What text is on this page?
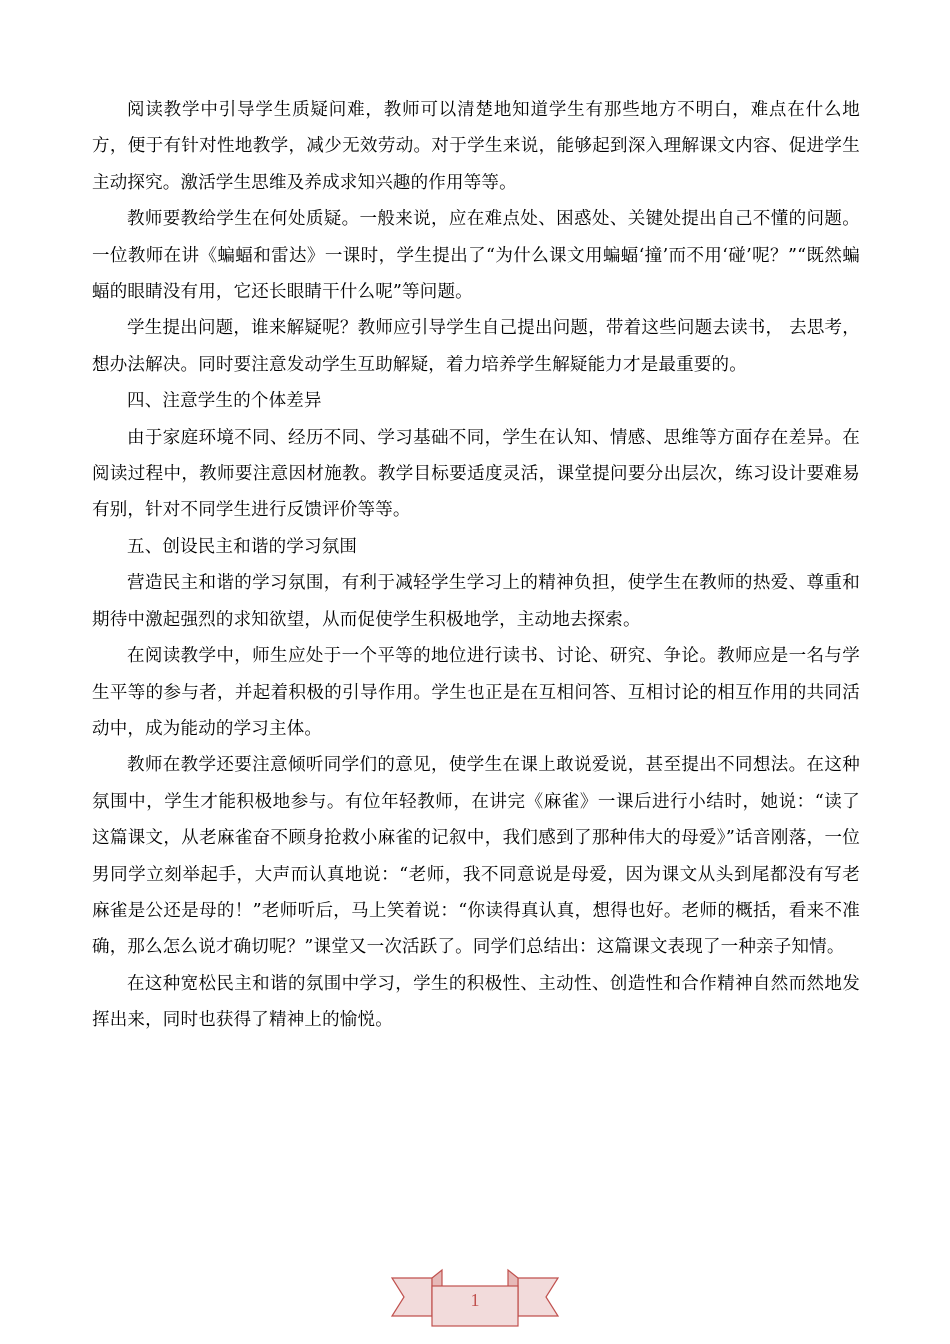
阅读教学中引导学生质疑问难，教师可以清楚地知道学生有那些地方不明白，难点在什么地方，便于有针对性地教学，减少无效劳动。对于学生来说，能够起到深入理解课文内容、促进学生主动探究。激活学生思维及养成求知兴趣的作用等等。

教师要教给学生在何处质疑。一般来说，应在难点处、困惑处、关键处提出自己不懂的问题。一位教师在讲《蝙蝠和雷达》一课时，学生提出了“为什么课文用蝙蝠‘撞’而不用‘碰’呢？”“既然蝙蝠的眼睛没有用，它还长眼睛干什么呢”等问题。

学生提出问题，谁来解疑呢？教师应引导学生自己提出问题，带着这些问题去读书， 去思考，想办法解决。同时要注意发动学生互助解疑，着力培养学生解疑能力才是最重要的。

四、注意学生的个体差异

由于家庭环境不同、经历不同、学习基础不同，学生在认知、情感、思维等方面存在差异。在阅读过程中，教师要注意因材施教。教学目标要适度灵活，课堂提问要分出层次，练习设计要难易有别，针对不同学生进行反馈评价等等。

五、创设民主和谐的学习氛围

营造民主和谐的学习氛围，有利于减轻学生学习上的精神负担，使学生在教师的热爱、尊重和期待中激起强烈的求知欲望，从而促使学生积极地学，主动地去探索。

在阅读教学中，师生应处于一个平等的地位进行读书、讨论、研究、争论。教师应是一名与学生平等的参与者，并起着积极的引导作用。学生也正是在互相问答、互相讨论的相互作用的共同活动中，成为能动的学习主体。

教师在教学还要注意倾听同学们的意见，使学生在课上敢说爱说，甚至提出不同想法。在这种氛围中，学生才能积极地参与。有位年轻教师，在讲完《麻雀》一课后进行小结时，她说：“读了这篇课文，从老麻雀奋不顾身抢救小麻雀的记叙中，我们感到了那种伟大的母爱》”话音刚落，一位男同学立刻举起手，大声而认真地说：“老师，我不同意说是母爱，因为课文从头到尾都没有写老麻雀是公还是母的！”老师听后，马上笑着说：“你读得真认真，想得也好。老师的概括，看来不准确，那么怎么说才确切呢？”课堂又一次活跃了。同学们总结出：这篇课文表现了一种亲子知情。

在这种宽松民主和谐的氛围中学习，学生的积极性、主动性、创造性和合作精神自然而然地发挥出来，同时也获得了精神上的愉悦。

1
